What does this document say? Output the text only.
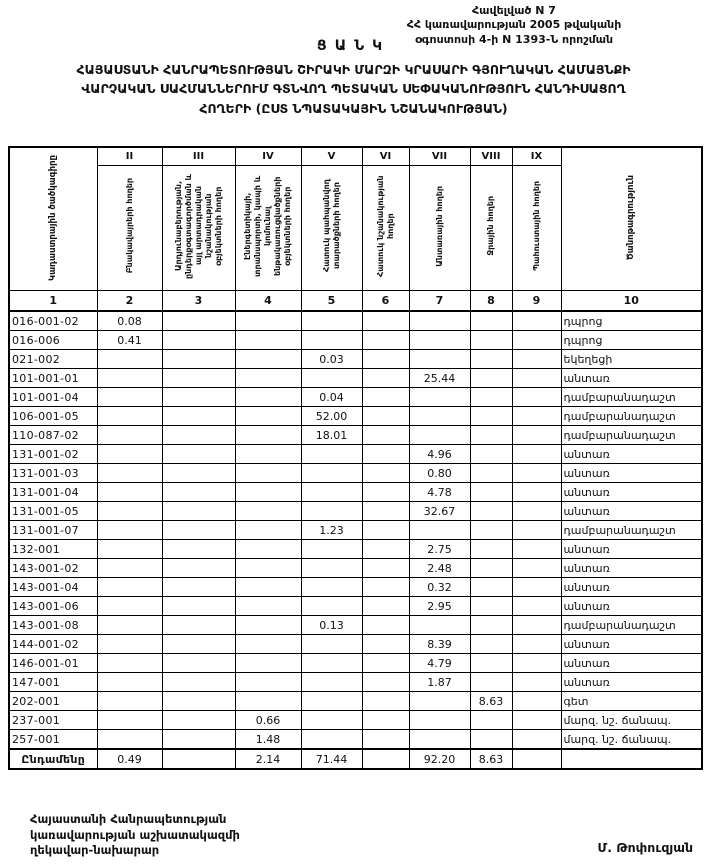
Հավելված N 7
ՀՀ կառավարության 2005 թվականի
օգոստոսի 4-ի N 1393-Ն որոշման
ՑԱՆԿ
ՀԱՅԱՍՏԱՆԻ ՀԱՆՐԱՊԵՏՈՒԹՅԱՆ ՇԻՐԱԿԻ ՄԱՐԶԻ ԿՐԱՍԱՐԻ ԳՅՈՒՂԱԿԱՆ ՀԱՄԱՅՆՔԻ
ՎԱՐՉԱԿԱՆ ՍԱՀՄԱՆՆԵՐՈՒՄ ԳՏՆՎՈՂ ՊԵՏԱԿԱՆ ՍԵՓԱԿԱՆՈՒԹՅՈՒՆ ՀԱՆԴԻՍԱՑՈՂ
ՀՈՂԵՐԻ (ԸՍՏ ՆՊԱՏԱԿԱՅԻՆ ՆՇԱՆԱԿՈՒԹՅԱՆ)
Կադաստրային ծածկագիրը	II	III	IV	V	VI	VII	VIII	IX	Ծանոթագրություն
	Բնակավայրերի հողեր	Արդյունաբերության, ընդերքօգտագործման և այլ արտադրական նշանակության օբյեկտների հողեր	Էներգետիկայի, տրանսպորտի, կապի և կոմունալ ենթակառուցվածքների օբյեկտների հողեր	Հատուկ պահպանվող տարածքների հողեր	Հատուկ նշանակության հողեր	Անտառային հողեր	Ջրային հողեր	Պահուստային հողեր	
1	2	3	4	5	6	7	8	9	10
016-001-02	0.08								դպրոց
016-006	0.41								դպրոց
021-002				0.03					եկեղեցի
101-001-01						25.44			անտառ
101-001-04				0.04					դամբարանադաշտ
106-001-05				52.00					դամբարանադաշտ
110-087-02				18.01					դամբարանադաշտ
131-001-02						4.96			անտառ
131-001-03						0.80			անտառ
131-001-04						4.78			անտառ
131-001-05						32.67			անտառ
131-001-07				1.23					դամբարանադաշտ
132-001						2.75			անտառ
143-001-02						2.48			անտառ
143-001-04						0.32			անտառ
143-001-06						2.95			անտառ
143-001-08				0.13					դամբարանադաշտ
144-001-02						8.39			անտառ
146-001-01						4.79			անտառ
147-001						1.87			անտառ
202-001							8.63		գետ
237-001			0.66						մարզ. նշ. ճանապ.
257-001			1.48						մարզ. նշ. ճանապ.
Ընդամենը	0.49		2.14	71.44		92.20	8.63		
Հայաստանի Հանրապետության
կառավարության աշխատակազմի
ղեկավար-նախարար	Մ. Թոփուզյան
